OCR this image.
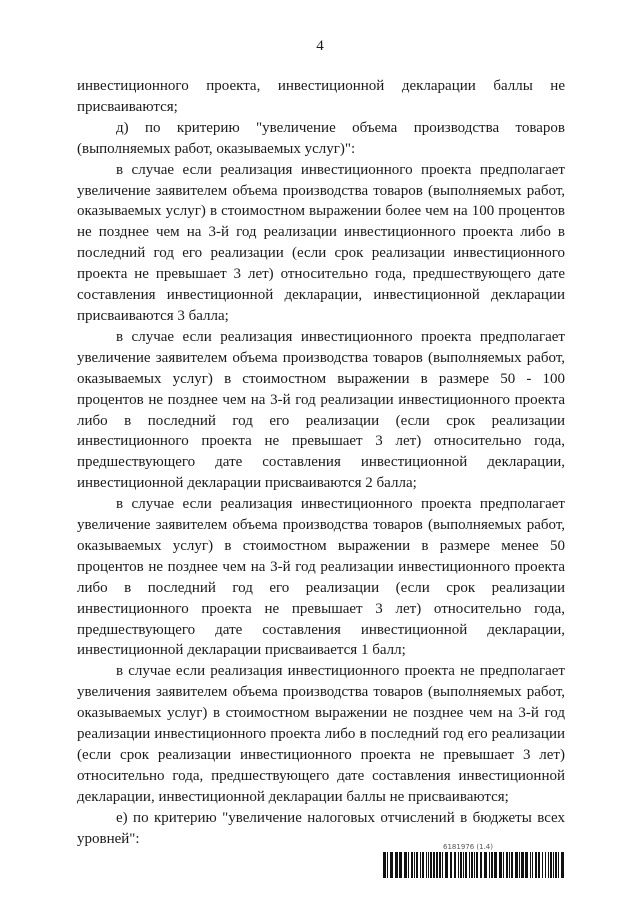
4

инвестиционного проекта, инвестиционной декларации баллы не присваиваются;

д) по критерию "увеличение объема производства товаров (выполняемых работ, оказываемых услуг)":

в случае если реализация инвестиционного проекта предполагает увеличение заявителем объема производства товаров (выполняемых работ, оказываемых услуг) в стоимостном выражении более чем на 100 процентов не позднее чем на 3-й год реализации инвестиционного проекта либо в последний год его реализации (если срок реализации инвестиционного проекта не превышает 3 лет) относительно года, предшествующего дате составления инвестиционной декларации, инвестиционной декларации присваиваются 3 балла;

в случае если реализация инвестиционного проекта предполагает увеличение заявителем объема производства товаров (выполняемых работ, оказываемых услуг) в стоимостном выражении в размере 50 - 100 процентов не позднее чем на 3-й год реализации инвестиционного проекта либо в последний год его реализации (если срок реализации инвестиционного проекта не превышает 3 лет) относительно года, предшествующего дате составления инвестиционной декларации, инвестиционной декларации присваиваются 2 балла;

в случае если реализация инвестиционного проекта предполагает увеличение заявителем объема производства товаров (выполняемых работ, оказываемых услуг) в стоимостном выражении в размере менее 50 процентов не позднее чем на 3-й год реализации инвестиционного проекта либо в последний год его реализации (если срок реализации инвестиционного проекта не превышает 3 лет) относительно года, предшествующего дате составления инвестиционной декларации, инвестиционной декларации присваивается 1 балл;

в случае если реализация инвестиционного проекта не предполагает увеличения заявителем объема производства товаров (выполняемых работ, оказываемых услуг) в стоимостном выражении не позднее чем на 3-й год реализации инвестиционного проекта либо в последний год его реализации (если срок реализации инвестиционного проекта не превышает 3 лет) относительно года, предшествующего дате составления инвестиционной декларации, инвестиционной декларации баллы не присваиваются;

е) по критерию "увеличение налоговых отчислений в бюджеты всех уровней":

6181976 (1.4)
